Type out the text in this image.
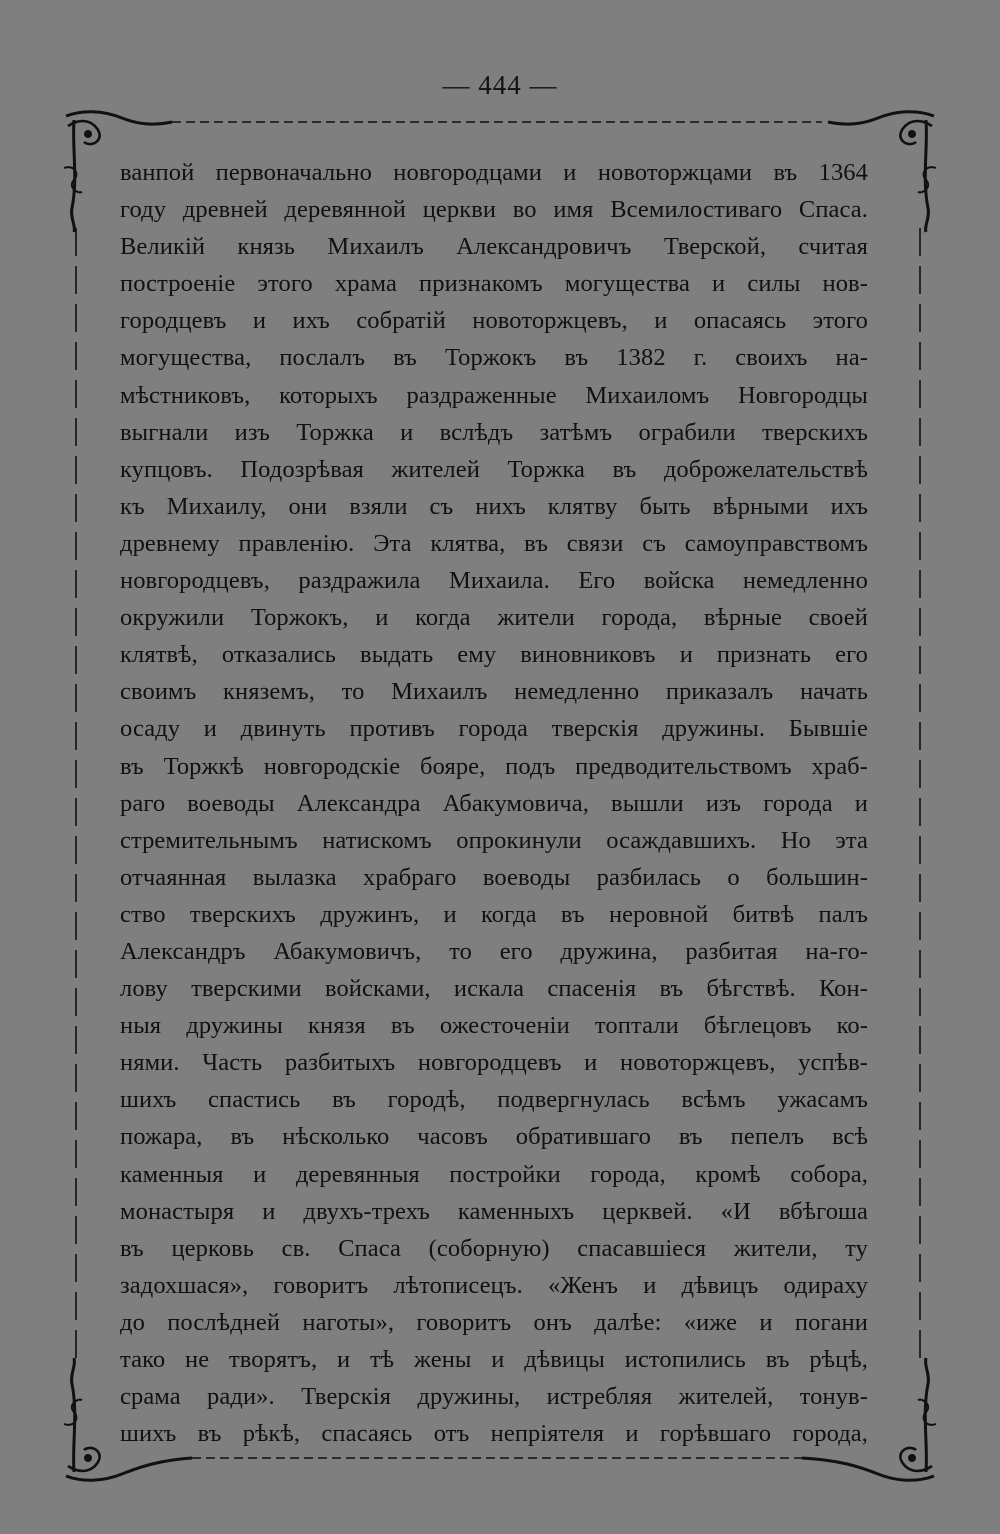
— 444 —
ванпой первоначально новгородцами и новоторжцами въ 1364
году древней деревянной церкви во имя Всемилостиваго Спаса.
Великій князь Михаилъ Александровичъ Тверской, считая
построеніе этого храма признакомъ могущества и силы нов-
городцевъ и ихъ собратій новоторжцевъ, и опасаясь этого
могущества, послалъ въ Торжокъ въ 1382 г. своихъ на-
мѣстниковъ, которыхъ раздраженные Михаиломъ Новгородцы
выгнали изъ Торжка и вслѣдъ затѣмъ ограбили тверскихъ
купцовъ. Подозрѣвая жителей Торжка въ доброжелательствѣ
къ Михаилу, они взяли съ нихъ клятву быть вѣрными ихъ
древнему правленію. Эта клятва, въ связи съ самоуправствомъ
новгородцевъ, раздражила Михаила. Его войска немедленно
окружили Торжокъ, и когда жители города, вѣрные своей
клятвѣ, отказались выдать ему виновниковъ и признать его
своимъ княземъ, то Михаилъ немедленно приказалъ начать
осаду и двинуть противъ города тверскія дружины. Бывшіе
въ Торжкѣ новгородскіе бояре, подъ предводительствомъ храб-
раго воеводы Александра Абакумовича, вышли изъ города и
стремительнымъ натискомъ опрокинули осаждавшихъ. Но эта
отчаянная вылазка храбраго воеводы разбилась о большин-
ство тверскихъ дружинъ, и когда въ неровной битвѣ палъ
Александръ Абакумовичъ, то его дружина, разбитая на-го-
лову тверскими войсками, искала спасенія въ бѣгствѣ. Кон-
ныя дружины князя въ ожесточеніи топтали бѣглецовъ ко-
нями. Часть разбитыхъ новгородцевъ и новоторжцевъ, успѣв-
шихъ спастись въ городѣ, подвергнулась всѣмъ ужасамъ
пожара, въ нѣсколько часовъ обратившаго въ пепелъ всѣ
каменныя и деревянныя постройки города, кромѣ собора,
монастыря и двухъ-трехъ каменныхъ церквей. «И вбѣгоша
въ церковь св. Спаса (соборную) спасавшіеся жители, ту
задохшася», говоритъ лѣтописецъ. «Женъ и дѣвицъ одираху
до послѣдней наготы», говоритъ онъ далѣе: «иже и погани
тако не творятъ, и тѣ жены и дѣвицы истопились въ рѣцѣ,
срама ради». Тверскія дружины, истребляя жителей, тонув-
шихъ въ рѣкѣ, спасаясь отъ непріятеля и горѣвшаго города,
